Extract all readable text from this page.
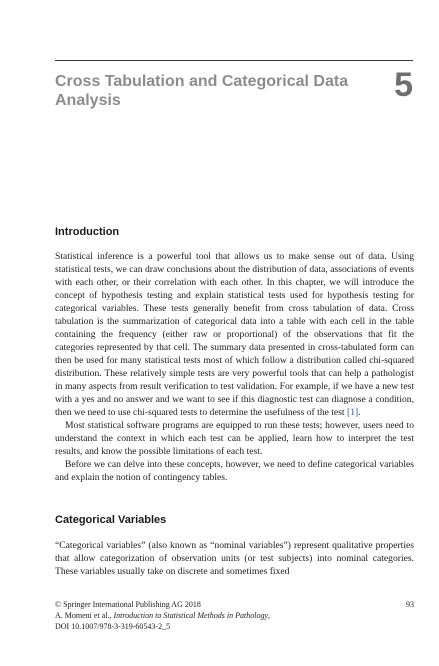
Cross Tabulation and Categorical Data Analysis	5
Introduction

Statistical inference is a powerful tool that allows us to make sense out of data. Using statistical tests, we can draw conclusions about the distribution of data, associations of events with each other, or their correlation with each other. In this chapter, we will introduce the concept of hypothesis testing and explain statistical tests used for hypothesis testing for categorical variables. These tests generally benefit from cross tabulation of data. Cross tabulation is the summarization of categorical data into a table with each cell in the table containing the frequency (either raw or proportional) of the observations that fit the categories represented by that cell. The summary data presented in cross-tabulated form can then be used for many statistical tests most of which follow a distribution called chi-squared distribution. These relatively simple tests are very powerful tools that can help a pathologist in many aspects from result verification to test validation. For example, if we have a new test with a yes and no answer and we want to see if this diagnostic test can diagnose a condition, then we need to use chi-squared tests to determine the usefulness of the test [1].

Most statistical software programs are equipped to run these tests; however, users need to understand the context in which each test can be applied, learn how to interpret the test results, and know the possible limitations of each test.

Before we can delve into these concepts, however, we need to define categorical variables and explain the notion of contingency tables.

Categorical Variables

“Categorical variables” (also known as “nominal variables”) represent qualitative properties that allow categorization of observation units (or test subjects) into nominal categories. These variables usually take on discrete and sometimes fixed

© Springer International Publishing AG 2018
A. Momeni et al., Introduction to Statistical Methods in Pathology,
DOI 10.1007/978-3-319-60543-2_5
93
